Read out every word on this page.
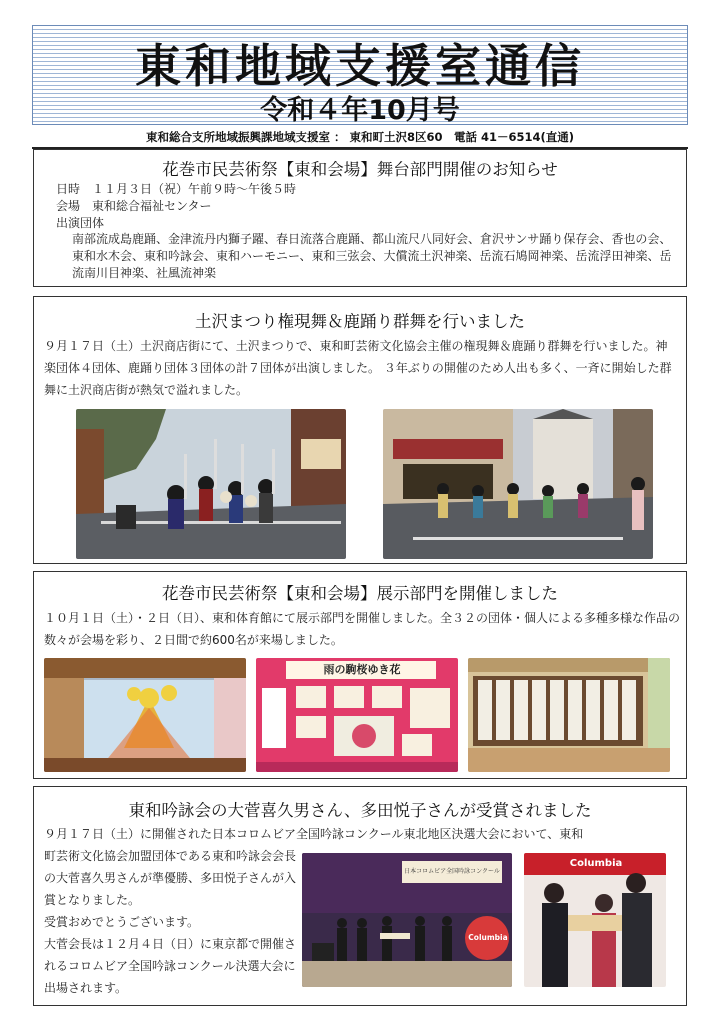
東和地域支援室通信
令和４年10月号
東和総合支所地域振興課地域支援室 ： 東和町土沢8区60　電話 41－6514(直通)
花巻市民芸術祭【東和会場】舞台部門開催のお知らせ
日時　１１月３日（祝）午前９時～午後５時
会場　東和総合福祉センター
出演団体
南部流成島鹿踊、金津流丹内獅子躍、春日流落合鹿踊、都山流尺八同好会、倉沢サンサ踊り保存会、香也の会、東和水木会、東和吟詠会、東和ハーモニー、東和三弦会、大償流土沢神楽、岳流石鳩岡神楽、岳流浮田神楽、岳流南川目神楽、社風流神楽
土沢まつり権現舞＆鹿踊り群舞を行いました
９月１７日（土）土沢商店街にて、土沢まつりで、東和町芸術文化協会主催の権現舞＆鹿踊り群舞を行いました。神楽団体４団体、鹿踊り団体３団体の計７団体が出演しました。 ３年ぶりの開催のため人出も多く、一斉に開始した群舞に土沢商店街が熱気で溢れました。
花巻市民芸術祭【東和会場】展示部門を開催しました
１０月１日（土）・２日（日）、東和体育館にて展示部門を開催しました。全３２の団体・個人による多種多様な作品の数々が会場を彩り、２日間で約600名が来場しました。
雨の駒桜ゆき花
東和吟詠会の大菅喜久男さん、多田悦子さんが受賞されました
９月１７日（土）に開催された日本コロムビア全国吟詠コンクール東北地区決選大会において、東和
町芸術文化協会加盟団体である東和吟詠会会長の大菅喜久男さんが準優勝、多田悦子さんが入賞となりました。
受賞おめでとうございます。
大菅会長は１２月４日（日）に東京都で開催されるコロムビア全国吟詠コンクール決選大会に出場されます。
日本コロムビア全国吟詠コンクール
Columbia
Columbia
